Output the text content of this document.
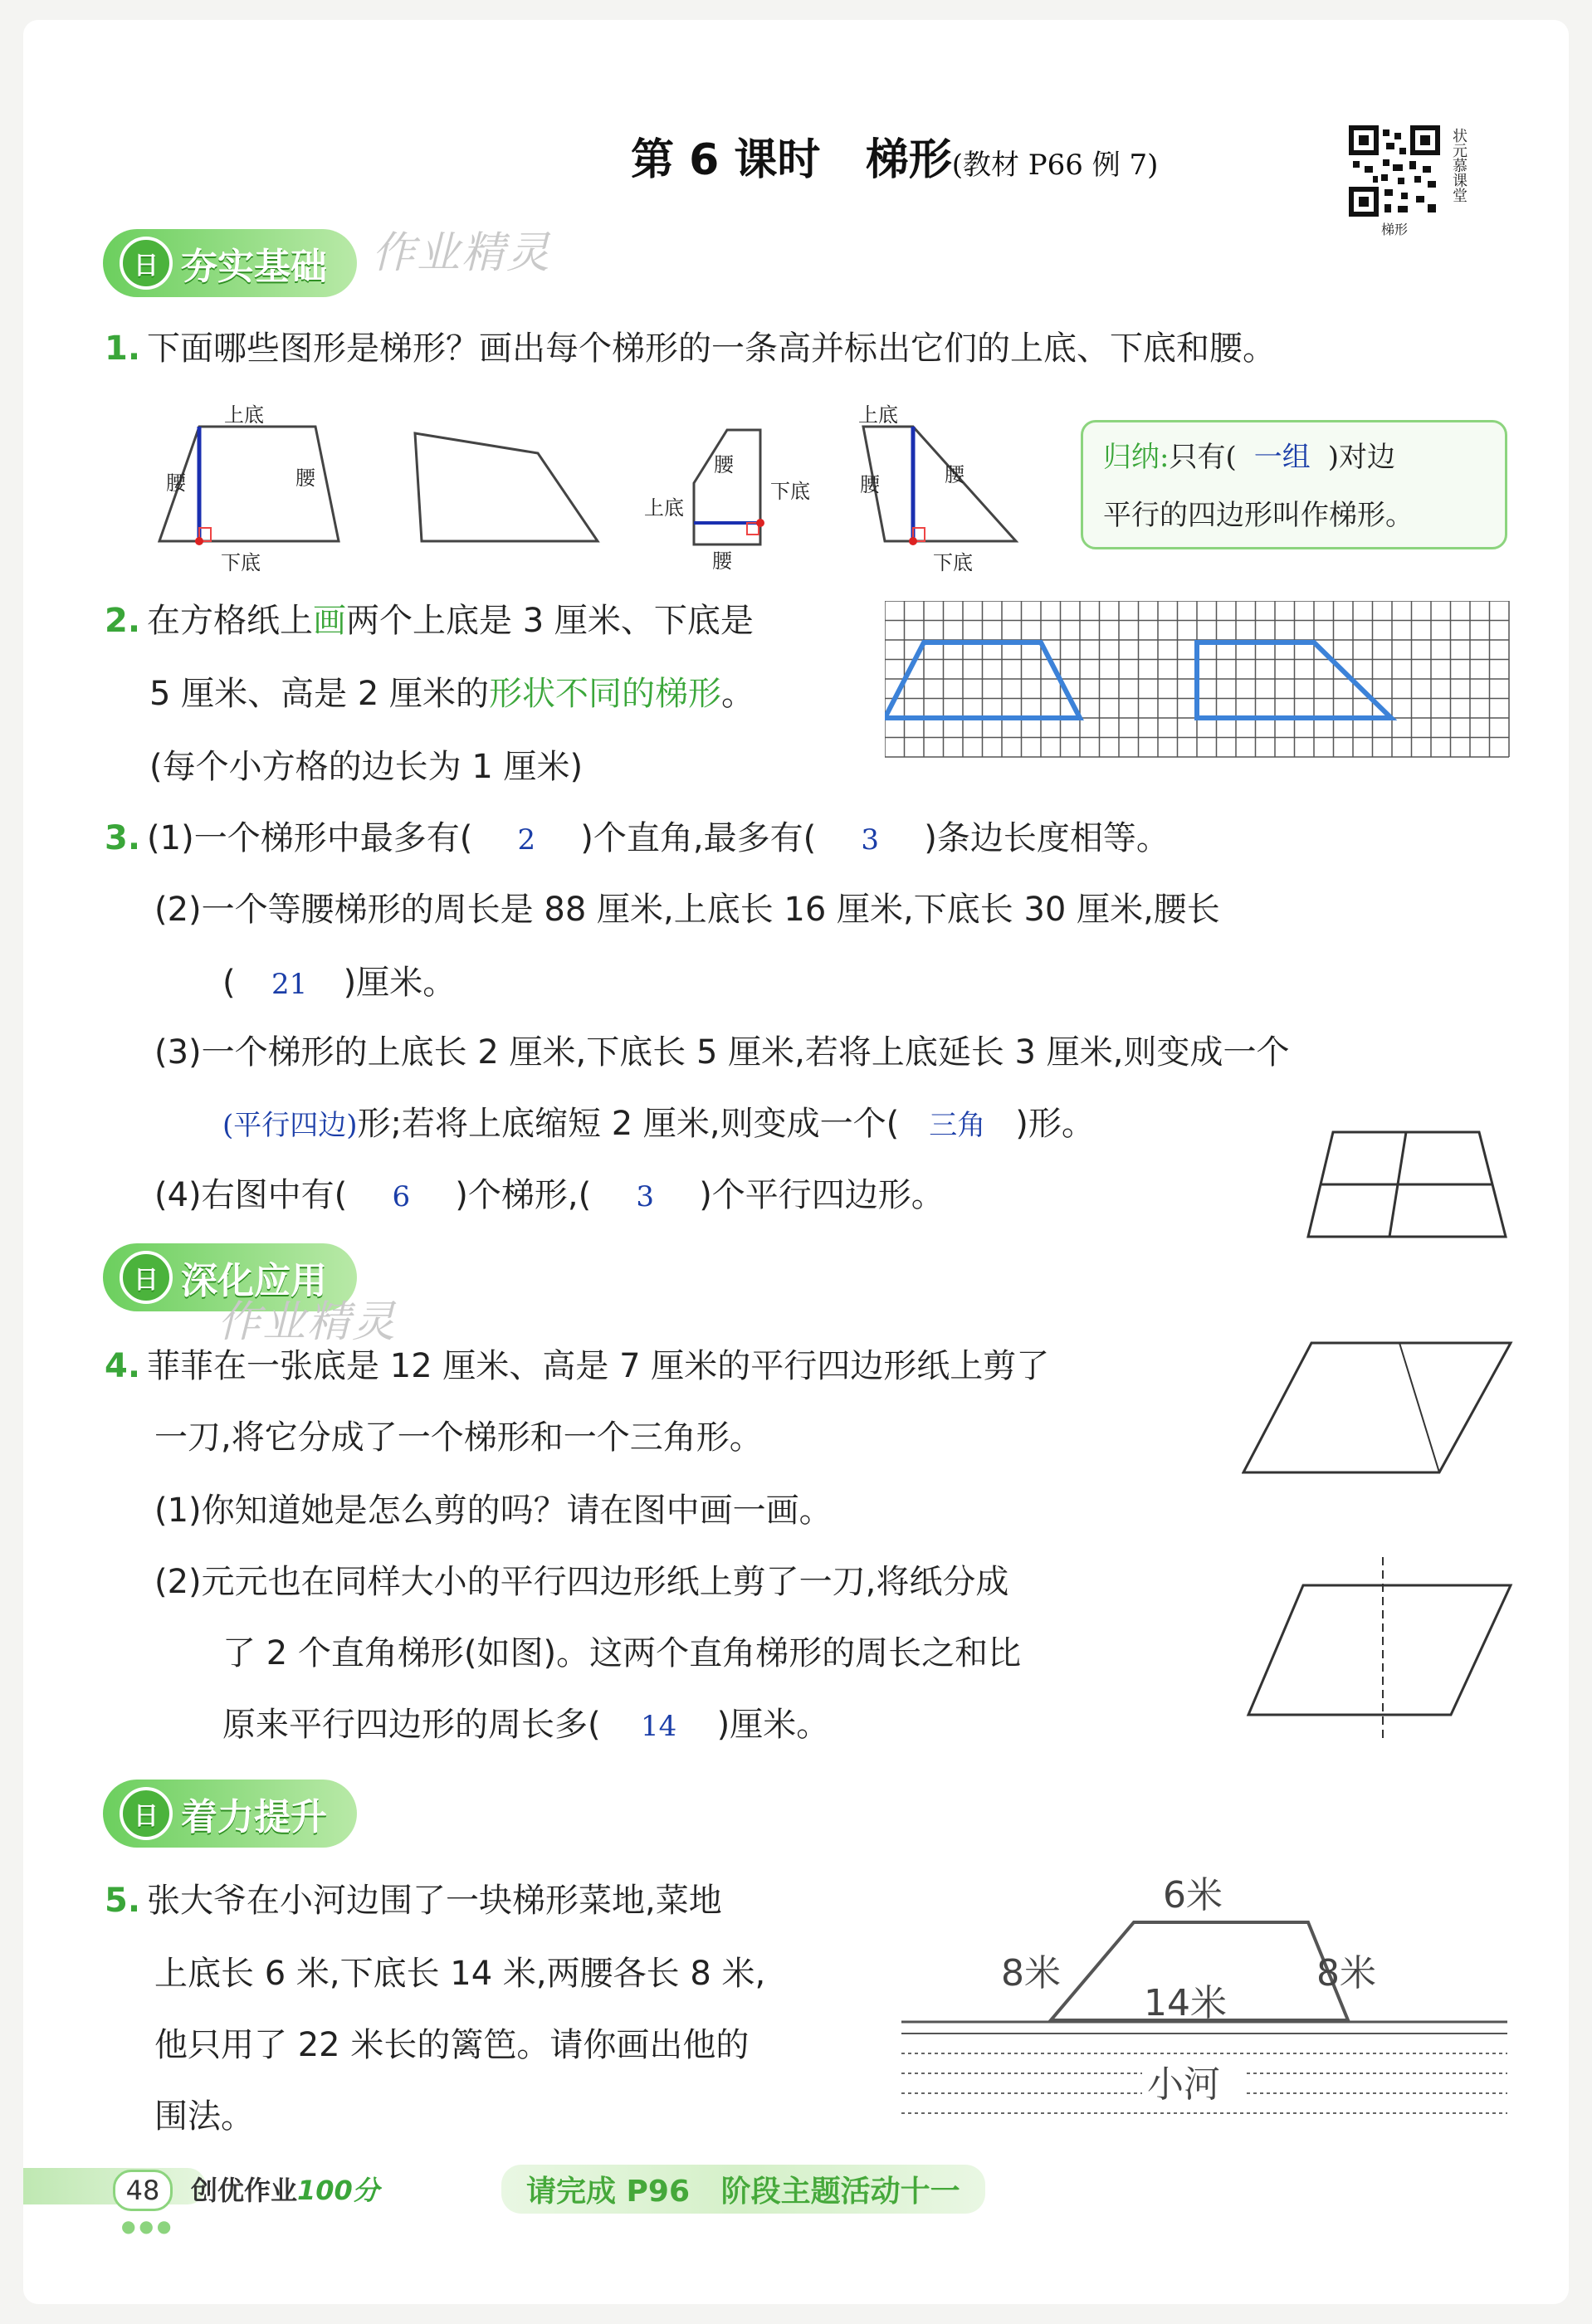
第 6 课时 梯形(教材 P66 例 7)
梯形
状元慕课堂
日 夯实基础 作业精灵
1. 下面哪些图形是梯形？画出每个梯形的一条高并标出它们的上底、下底和腰。
上底
下底
腰	腰
腰
上底
下底
腰
上底
下底
腰	腰
归纳:只有( 一组 )对边
平行的四边形叫作梯形。
2. 在方格纸上画两个上底是 3 厘米、下底是
5 厘米、高是 2 厘米的形状不同的梯形。
(每个小方格的边长为 1 厘米)
3. (1)一个梯形中最多有( 2 )个直角,最多有( 3 )条边长度相等。
(2)一个等腰梯形的周长是 88 厘米,上底长 16 厘米,下底长 30 厘米,腰长
( 21 )厘米。
(3)一个梯形的上底长 2 厘米,下底长 5 厘米,若将上底延长 3 厘米,则变成一个
(平行四边)形;若将上底缩短 2 厘米,则变成一个( 三角 )形。
(4)右图中有( 6 )个梯形,( 3 )个平行四边形。
日 深化应用
作业精灵
4. 菲菲在一张底是 12 厘米、高是 7 厘米的平行四边形纸上剪了
一刀,将它分成了一个梯形和一个三角形。
(1)你知道她是怎么剪的吗？请在图中画一画。
(2)元元也在同样大小的平行四边形纸上剪了一刀,将纸分成
了 2 个直角梯形(如图)。这两个直角梯形的周长之和比
原来平行四边形的周长多( 14 )厘米。
日 着力提升
5. 张大爷在小河边围了一块梯形菜地,菜地
上底长 6 米,下底长 14 米,两腰各长 8 米,
他只用了 22 米长的篱笆。请你画出他的
围法。
6米
8米	8米
14米
小河
48	创优作业100分	请完成 P96 阶段主题活动十一
●●●
